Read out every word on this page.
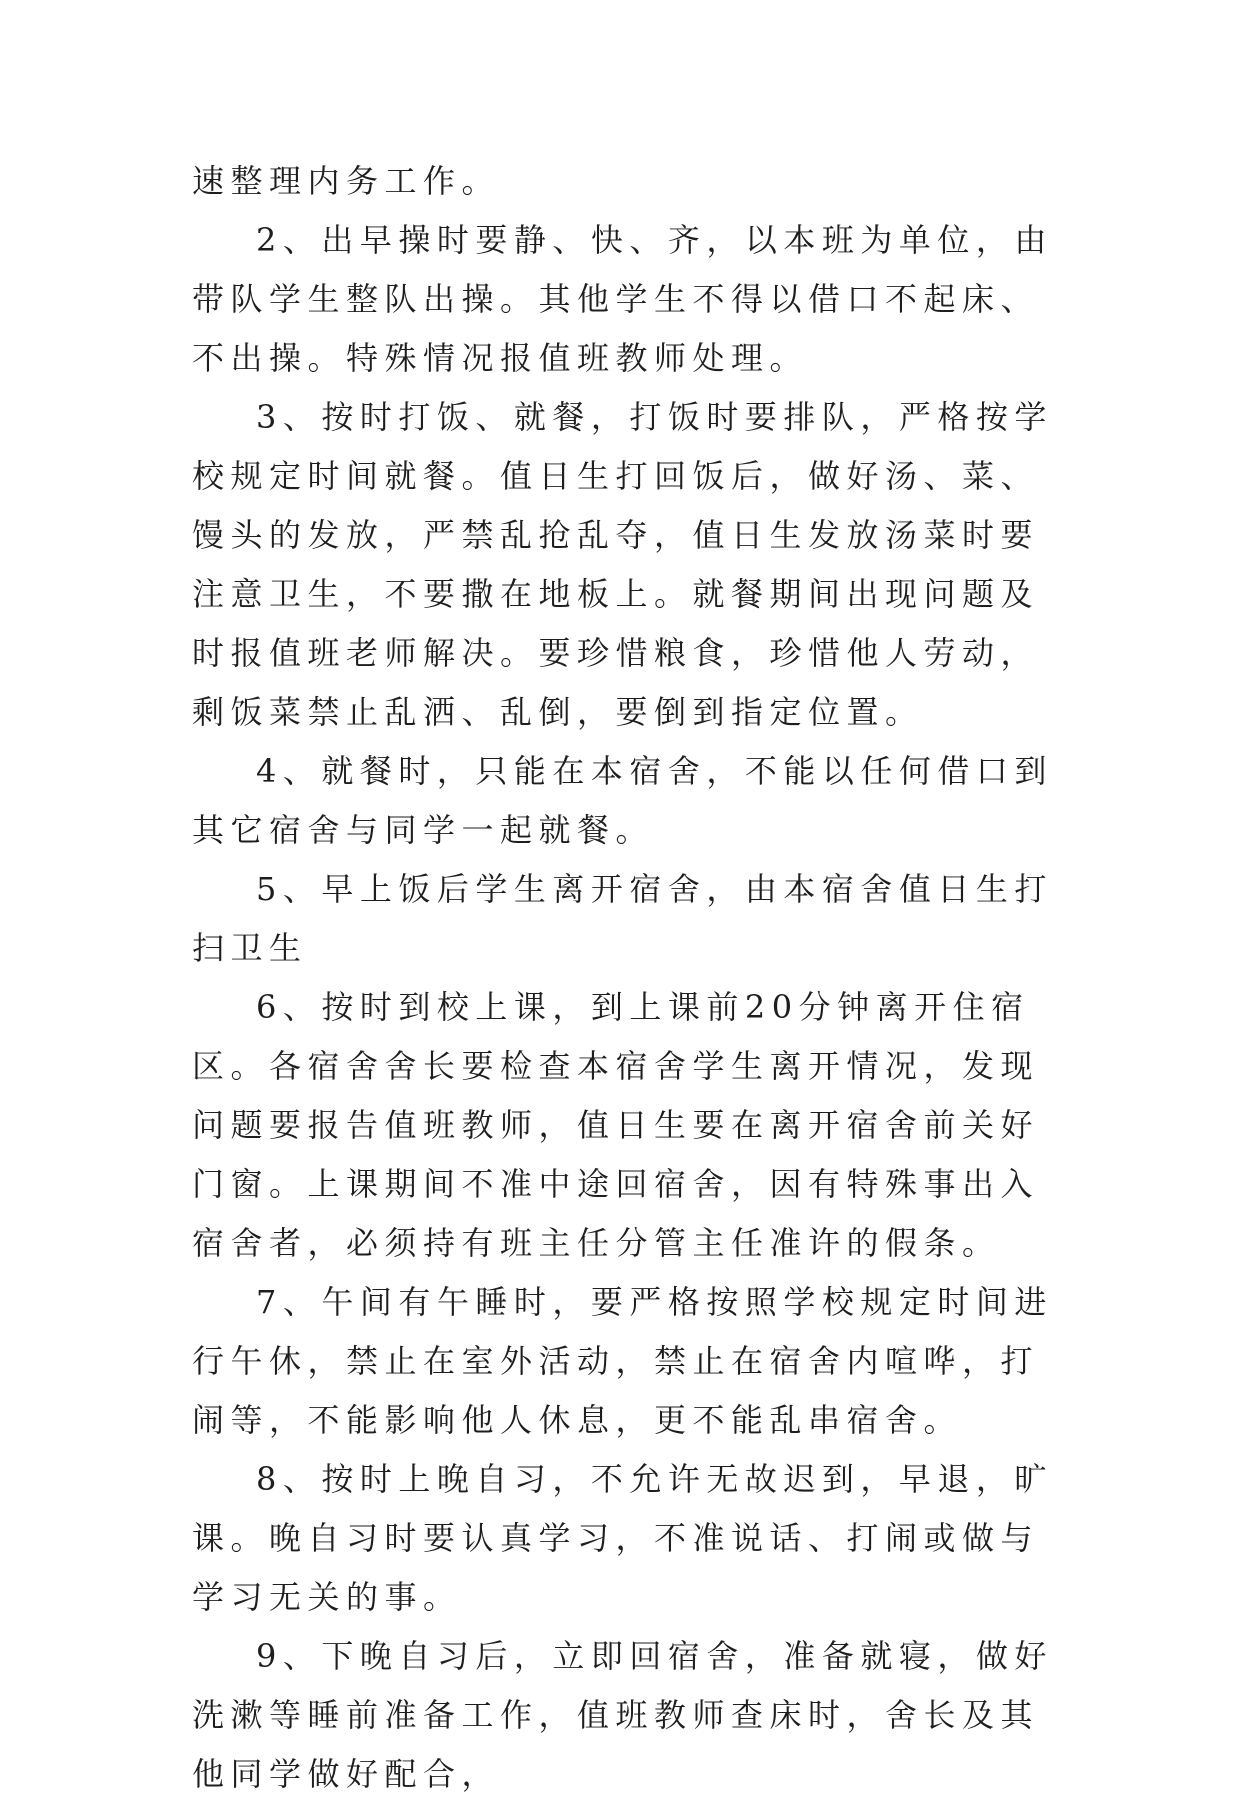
速整理内务工作。

2、出早操时要静、快、齐，以本班为单位，由带队学生整队出操。其他学生不得以借口不起床、不出操。特殊情况报值班教师处理。

3、按时打饭、就餐，打饭时要排队，严格按学校规定时间就餐。值日生打回饭后，做好汤、菜、馒头的发放，严禁乱抢乱夺，值日生发放汤菜时要注意卫生，不要撒在地板上。就餐期间出现问题及时报值班老师解决。要珍惜粮食，珍惜他人劳动，剩饭菜禁止乱洒、乱倒，要倒到指定位置。

4、就餐时，只能在本宿舍，不能以任何借口到其它宿舍与同学一起就餐。

5、早上饭后学生离开宿舍，由本宿舍值日生打扫卫生

6、按时到校上课，到上课前20分钟离开住宿区。各宿舍舍长要检查本宿舍学生离开情况，发现问题要报告值班教师，值日生要在离开宿舍前关好门窗。上课期间不准中途回宿舍，因有特殊事出入宿舍者，必须持有班主任分管主任准许的假条。

7、午间有午睡时，要严格按照学校规定时间进行午休，禁止在室外活动，禁止在宿舍内喧哗，打闹等，不能影响他人休息，更不能乱串宿舍。

8、按时上晚自习，不允许无故迟到，早退，旷课。晚自习时要认真学习，不准说话、打闹或做与学习无关的事。

9、下晚自习后，立即回宿舍，准备就寝，做好洗漱等睡前准备工作，值班教师查床时，舍长及其他同学做好配合，
